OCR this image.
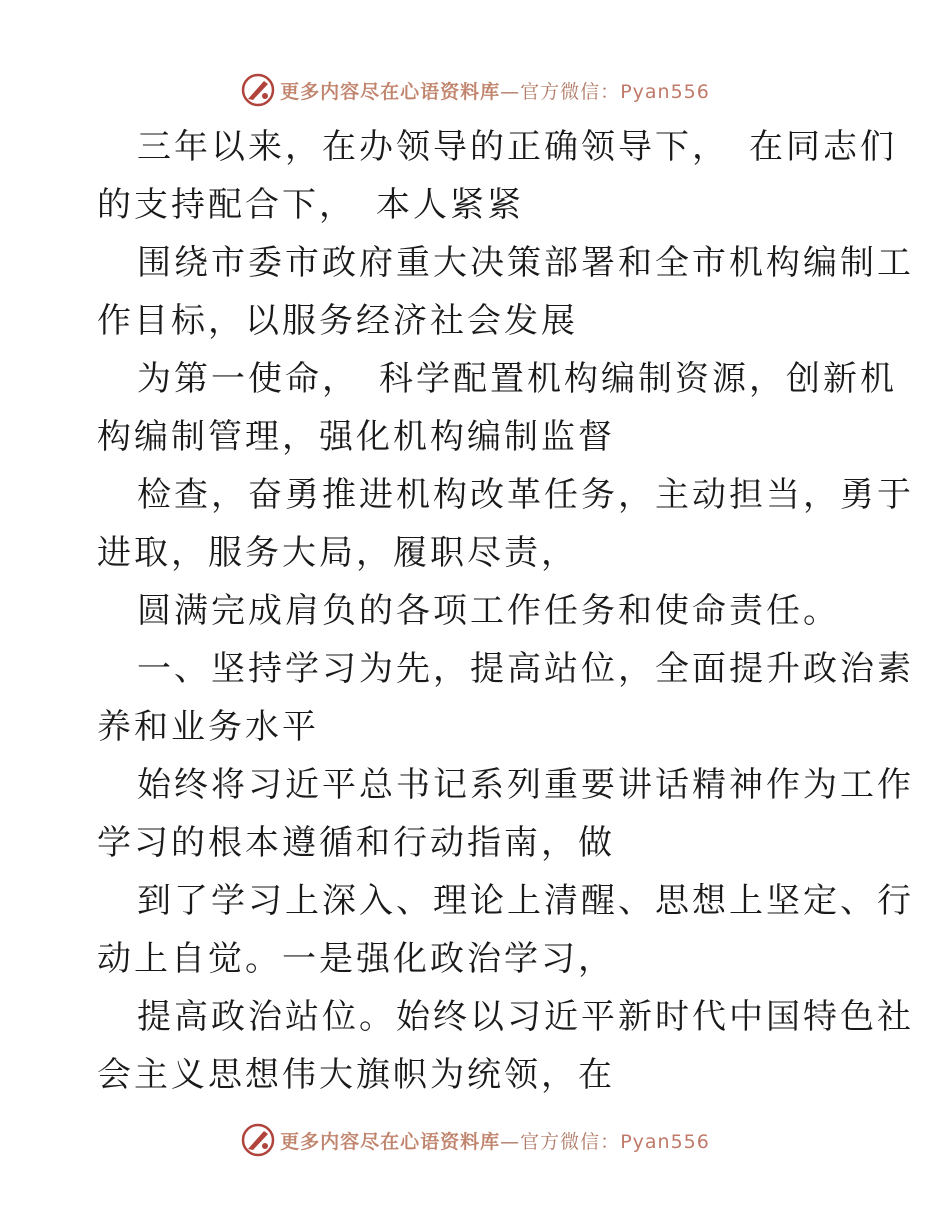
更多内容尽在心语资料库—官方微信：Pyan556
三年以来，在办领导的正确领导下，　在同志们
的支持配合下，　本人紧紧
围绕市委市政府重大决策部署和全市机构编制工
作目标，以服务经济社会发展
为第一使命，　科学配置机构编制资源，创新机
构编制管理，强化机构编制监督
检查，奋勇推进机构改革任务，主动担当，勇于
进取，服务大局，履职尽责，
圆满完成肩负的各项工作任务和使命责任。
一、坚持学习为先，提高站位，全面提升政治素
养和业务水平
始终将习近平总书记系列重要讲话精神作为工作
学习的根本遵循和行动指南，做
到了学习上深入、理论上清醒、思想上坚定、行
动上自觉。一是强化政治学习，
提高政治站位。始终以习近平新时代中国特色社
会主义思想伟大旗帜为统领，在
更多内容尽在心语资料库—官方微信：Pyan556
